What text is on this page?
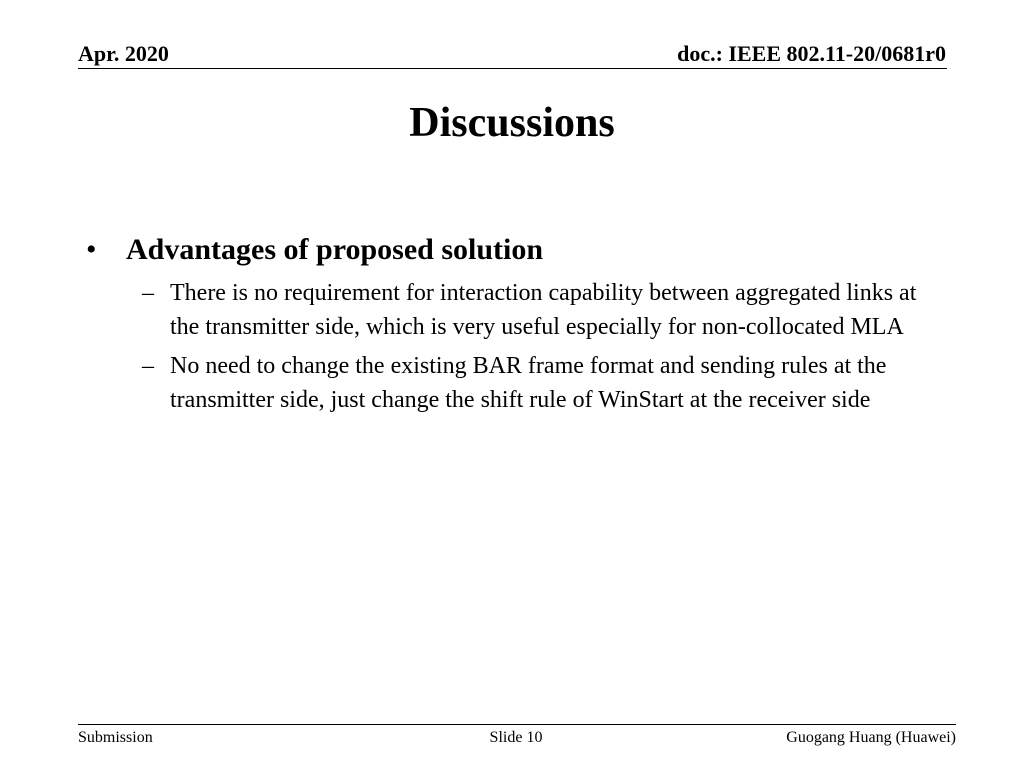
Apr. 2020	doc.: IEEE 802.11-20/0681r0
Discussions
• Advantages of proposed solution
– There is no requirement for interaction capability between aggregated links at the transmitter side, which is very useful especially for non-collocated MLA
– No need to change the existing BAR frame format and sending rules at the transmitter side, just change the shift rule of WinStart at the receiver side
Submission	Slide 10	Guogang Huang (Huawei)
